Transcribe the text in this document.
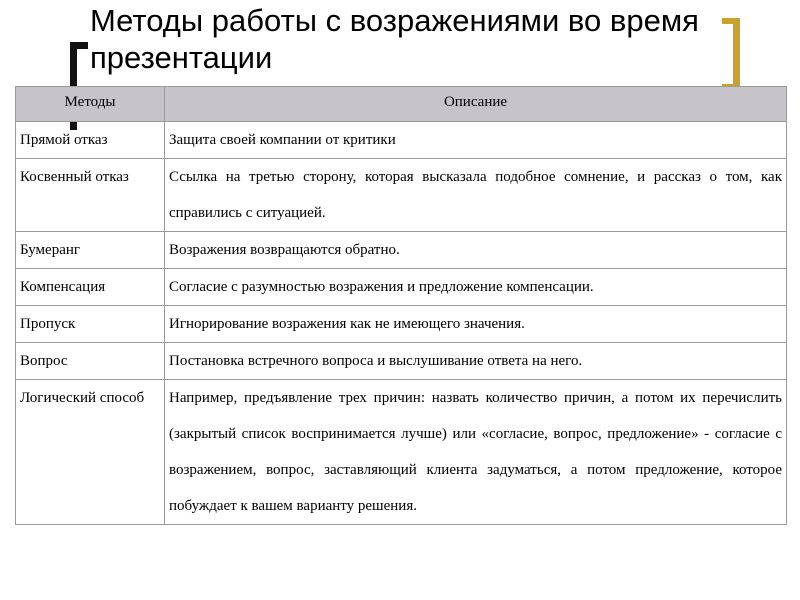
Методы работы с возражениями во время презентации
Методы	Описание
Прямой отказ	Защита своей компании от критики
Косвенный отказ	Ссылка на третью сторону, которая высказала подобное сомнение, и рассказ о том, как справились с ситуацией.
Бумеранг	Возражения возвращаются обратно.
Компенсация	Согласие с разумностью возражения и предложение компенсации.
Пропуск	Игнорирование возражения как не имеющего значения.
Вопрос	Постановка встречного вопроса и выслушивание ответа на него.
Логический способ	Например, предъявление трех причин: назвать количество причин, а потом их перечислить (закрытый список воспринимается лучше) или «согласие, вопрос, предложение» - согласие с возражением, вопрос, заставляющий клиента задуматься, а потом предложение, которое побуждает к вашем варианту решения.
